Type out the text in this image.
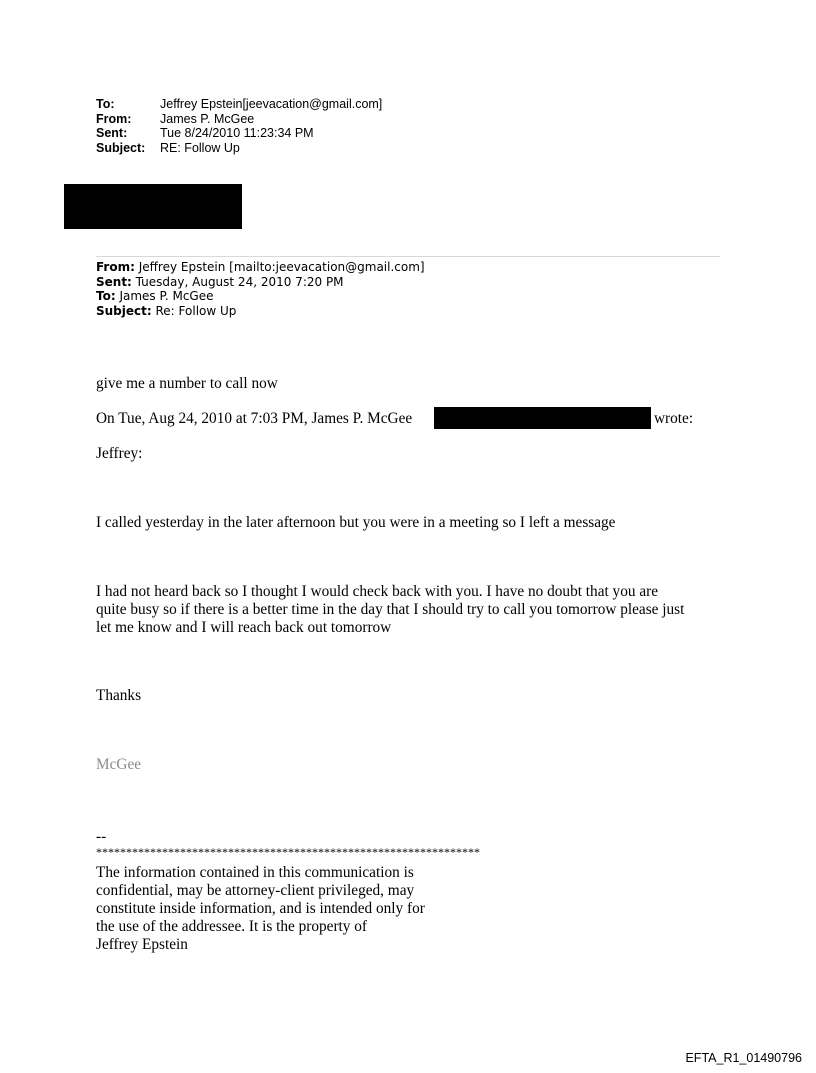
To:	Jeffrey Epstein[jeevacation@gmail.com]
From:	James P. McGee
Sent:	Tue 8/24/2010 11:23:34 PM
Subject:	RE: Follow Up
From: Jeffrey Epstein [mailto:jeevacation@gmail.com]
Sent: Tuesday, August 24, 2010 7:20 PM
To: James P. McGee
Subject: Re: Follow Up
give me a number to call now
On Tue, Aug 24, 2010 at 7:03 PM, James P. McGee	wrote:
Jeffrey:
I called yesterday in the later afternoon but you were in a meeting so I left a message
I had not heard back so I thought I would check back with you. I have no doubt that you are
quite busy so if there is a better time in the day that I should try to call you tomorrow please just
let me know and I will reach back out tomorrow
Thanks
McGee
--
****************************************************************
The information contained in this communication is
confidential, may be attorney-client privileged, may
constitute inside information, and is intended only for
the use of the addressee. It is the property of
Jeffrey Epstein
EFTA_R1_01490796
